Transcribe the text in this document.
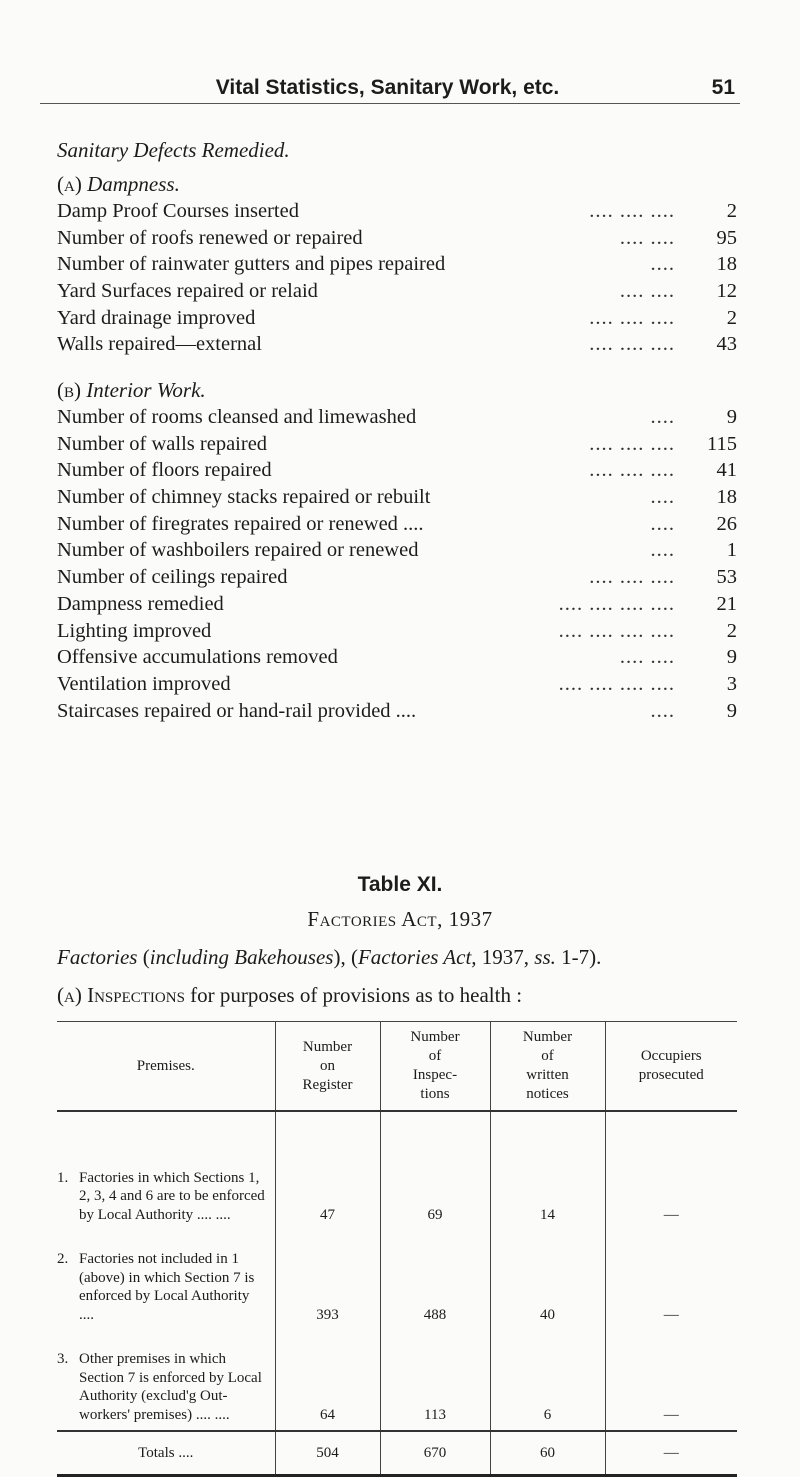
Vital Statistics, Sanitary Work, etc.	51
Sanitary Defects Remedied.
(a) Dampness.
Damp Proof Courses inserted	.... .... ....	2
Number of roofs renewed or repaired	.... ....	95
Number of rainwater gutters and pipes repaired	....	18
Yard Surfaces repaired or relaid	.... ....	12
Yard drainage improved	.... .... ....	2
Walls repaired—external	.... .... ....	43
(b) Interior Work.
Number of rooms cleansed and limewashed	....	9
Number of walls repaired	.... .... ....	115
Number of floors repaired	.... .... ....	41
Number of chimney stacks repaired or rebuilt	....	18
Number of firegrates repaired or renewed ....	....	26
Number of washboilers repaired or renewed	....	1
Number of ceilings repaired	.... .... ....	53
Dampness remedied	.... .... .... ....	21
Lighting improved	.... .... .... ....	2
Offensive accumulations removed	.... ....	9
Ventilation improved	.... .... .... ....	3
Staircases repaired or hand-rail provided ....	....	9
Table XI.
Factories Act, 1937
Factories (including Bakehouses), (Factories Act, 1937, ss. 1-7).
(a) Inspections for purposes of provisions as to health :
Premises.	Number
on
Register	Number
of
Inspec-
tions	Number
of
written
notices	Occupiers
prosecuted

1. Factories in which Sections 1, 2, 3, 4 and 6 are to be enforced by Local Authority .... ....	47	69	14	—

2. Factories not included in 1 (above) in which Section 7 is enforced by Local Authority ....	393	488	40	—

3. Other premises in which Section 7 is enforced by Local Authority (exclud'g Out-workers' premises) .... ....	64	113	6	—
Totals ....	504	670	60	—
